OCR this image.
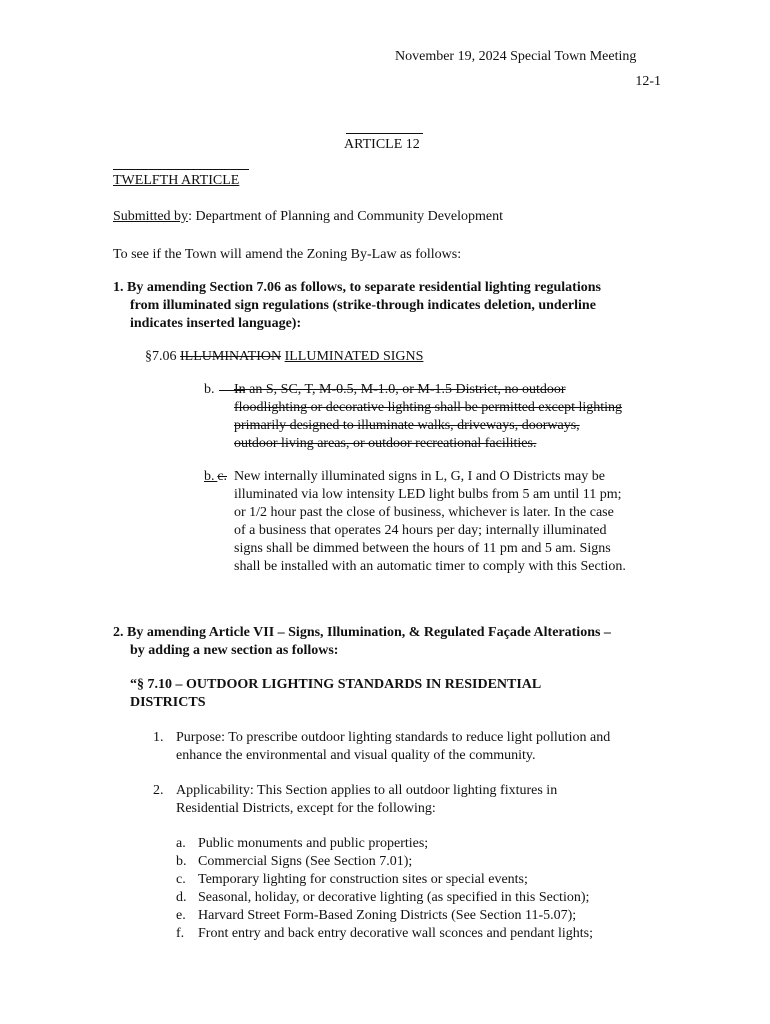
November 19, 2024 Special Town Meeting
12-1
ARTICLE 12
TWELFTH ARTICLE
Submitted by: Department of Planning and Community Development
To see if the Town will amend the Zoning By-Law as follows:
1. By amending Section 7.06 as follows, to separate residential lighting regulations
from illuminated sign regulations (strike-through indicates deletion, underline
indicates inserted language):
§7.06 ILLUMINATION ILLUMINATED SIGNS
b.	In an S, SC, T, M-0.5, M-1.0, or M-1.5 District, no outdoor
floodlighting or decorative lighting shall be permitted except lighting
primarily designed to illuminate walks, driveways, doorways,
outdoor living areas, or outdoor recreational facilities.
b.  c. New internally illuminated signs in L, G, I and O Districts may be
illuminated via low intensity LED light bulbs from 5 am until 11 pm;
or 1/2 hour past the close of business, whichever is later. In the case
of a business that operates 24 hours per day; internally illuminated
signs shall be dimmed between the hours of 11 pm and 5 am. Signs
shall be installed with an automatic timer to comply with this Section.
2. By amending Article VII – Signs, Illumination, & Regulated Façade Alterations –
by adding a new section as follows:
“§ 7.10 – OUTDOOR LIGHTING STANDARDS IN RESIDENTIAL
DISTRICTS
1. Purpose: To prescribe outdoor lighting standards to reduce light pollution and
enhance the environmental and visual quality of the community.
2. Applicability: This Section applies to all outdoor lighting fixtures in
Residential Districts, except for the following:
a. Public monuments and public properties;
b. Commercial Signs (See Section 7.01);
c. Temporary lighting for construction sites or special events;
d. Seasonal, holiday, or decorative lighting (as specified in this Section);
e. Harvard Street Form-Based Zoning Districts (See Section 11-5.07);
f. Front entry and back entry decorative wall sconces and pendant lights;
